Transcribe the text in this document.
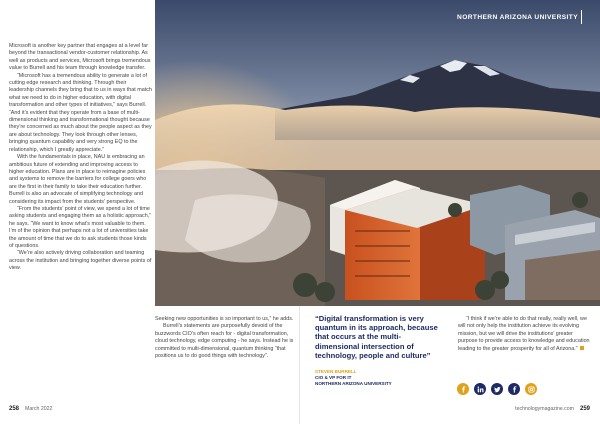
Microsoft is another key partner that engages at a level far beyond the transactional vendor-customer relationship. As well as products and services, Microsoft brings tremendous value to Burrell and his team through knowledge transfer.

“Microsoft has a tremendous ability to generate a lot of cutting edge research and thinking. Through their leadership channels they bring that to us in ways that match what we need to do in higher education, with digital transformation and other types of initiatives,” says Burrell. “And it’s evident that they operate from a base of multi-dimensional thinking and transformational thought because they’re concerned as much about the people aspect as they are about technology. They look through other lenses, bringing quantum capability and very strong EQ to the relationship, which I greatly appreciate.”

With the fundamentals in place, NAU is embracing an ambitious future of extending and improving access to higher education. Plans are in place to reimagine policies and systems to remove the barriers for college goers who are the first in their family to take their education further. Burrell is also an advocate of simplifying technology and considering its impact from the students’ perspective.

“From the students’ point of view, we spend a lot of time asking students and engaging them as a holistic approach,” he says. “We want to know what’s most valuable to them. I’m of the opinion that perhaps not a lot of universities take the amount of time that we do to ask students those kinds of questions.

“We’re also actively driving collaboration and teaming across the institution and bringing together diverse points of view.

NORTHERN ARIZONA UNIVERSITY

Seeking new opportunities is so important to us,” he adds.

Burrell’s statements are purposefully devoid of the buzzwords CIO’s often reach for - digital transformation, cloud technology, edge computing - he says. Instead he is committed to multi-dimensional, quantum thinking “that positions us to do good things with technology”.

“Digital transformation is very quantum in its approach, because that occurs at the multi-dimensional intersection of technology, people and culture”
STEVEN BURRELL
CIO & VP FOR IT
NORTHERN ARIZONA UNIVERSITY

“I think if we’re able to do that really, really well, we will not only help the institution achieve its evolving mission, but we will drive the institutions’ greater purpose to provide access to knowledge and education leading to the greater prosperity for all of Arizona.”

258 March 2022	technologymagazine.com 259
